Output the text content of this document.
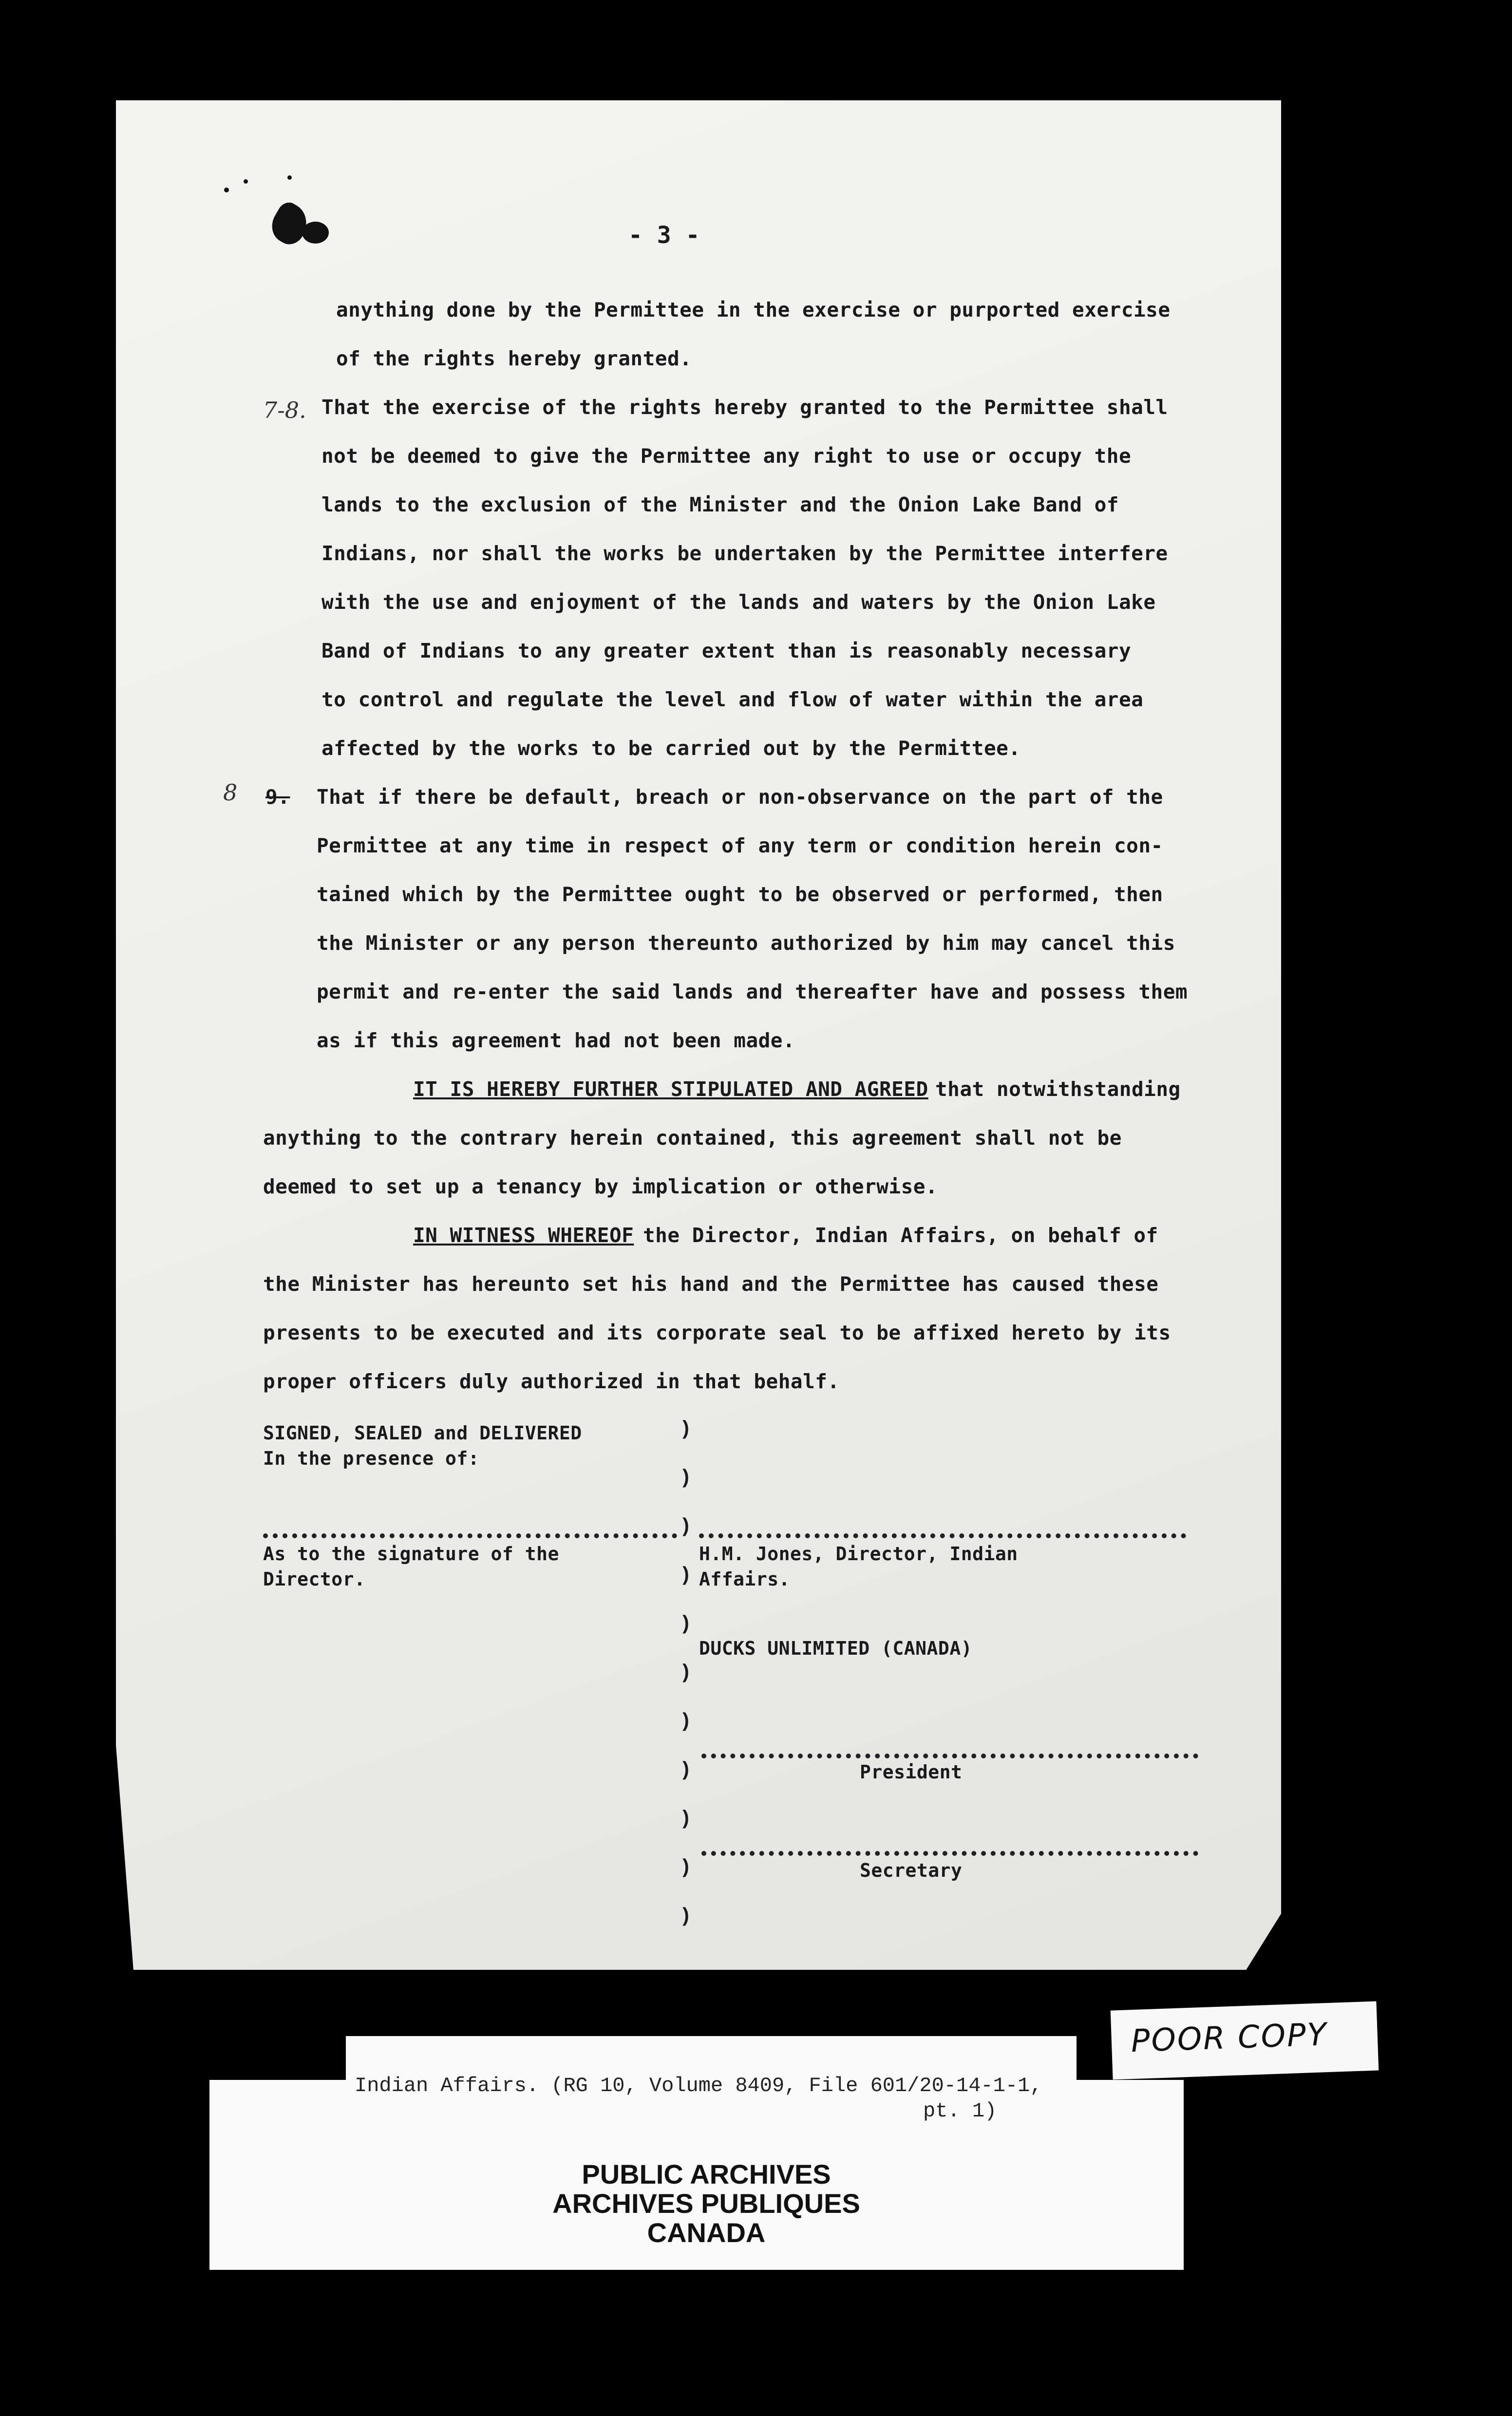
- 3 -
anything done by the Permittee in the exercise or purported exercise
of the rights hereby granted.
7-8. That the exercise of the rights hereby granted to the Permittee shall
not be deemed to give the Permittee any right to use or occupy the
lands to the exclusion of the Minister and the Onion Lake Band of
Indians, nor shall the works be undertaken by the Permittee interfere
with the use and enjoyment of the lands and waters by the Onion Lake
Band of Indians to any greater extent than is reasonably necessary
to control and regulate the level and flow of water within the area
affected by the works to be carried out by the Permittee.
8 9. That if there be default, breach or non-observance on the part of the
Permittee at any time in respect of any term or condition herein con-
tained which by the Permittee ought to be observed or performed, then
the Minister or any person thereunto authorized by him may cancel this
permit and re-enter the said lands and thereafter have and possess them
as if this agreement had not been made.
IT IS HEREBY FURTHER STIPULATED AND AGREED that notwithstanding
anything to the contrary herein contained, this agreement shall not be
deemed to set up a tenancy by implication or otherwise.
IN WITNESS WHEREOF the Director, Indian Affairs, on behalf of
the Minister has hereunto set his hand and the Permittee has caused these
presents to be executed and its corporate seal to be affixed hereto by its
proper officers duly authorized in that behalf.
SIGNED, SEALED and DELIVERED
In the presence of:
)
)
)
)
)
)
)
)
)
)
)
As to the signature of the
Director.
H.M. Jones, Director, Indian
Affairs.
DUCKS UNLIMITED (CANADA)
President
Secretary
Indian Affairs. (RG 10, Volume 8409, File 601/20-14-1-1,
pt. 1)
PUBLIC ARCHIVES
ARCHIVES PUBLIQUES
CANADA
POOR COPY
